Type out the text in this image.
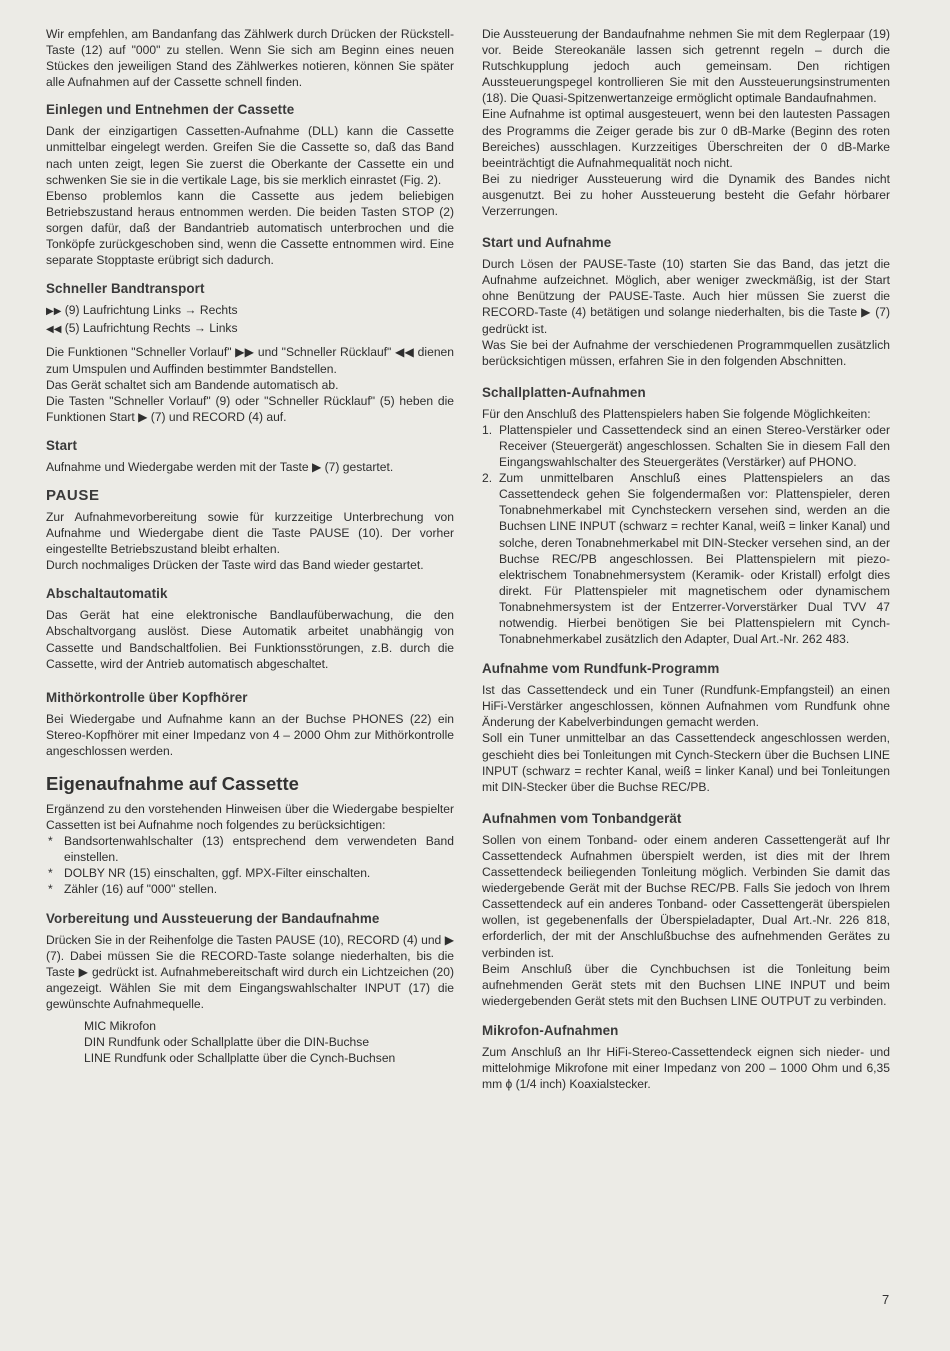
Wir empfehlen, am Bandanfang das Zählwerk durch Drücken der Rückstell-Taste (12) auf "000" zu stellen. Wenn Sie sich am Beginn eines neuen Stückes den jeweiligen Stand des Zählwerkes notieren, können Sie später alle Aufnahmen auf der Cassette schnell finden.

Einlegen und Entnehmen der Cassette

Dank der einzigartigen Cassetten-Aufnahme (DLL) kann die Cassette unmittelbar eingelegt werden. Greifen Sie die Cassette so, daß das Band nach unten zeigt, legen Sie zuerst die Oberkante der Cassette ein und schwenken Sie sie in die vertikale Lage, bis sie merklich einrastet (Fig. 2).

Ebenso problemlos kann die Cassette aus jedem beliebigen Betriebszustand heraus entnommen werden. Die beiden Tasten STOP (2) sorgen dafür, daß der Bandantrieb automatisch unterbrochen und die Tonköpfe zurückgeschoben sind, wenn die Cassette entnommen wird. Eine separate Stopptaste erübrigt sich dadurch.

Schneller Bandtransport
▶▶ (9) Laufrichtung Links → Rechts
◀◀ (5) Laufrichtung Rechts → Links

Die Funktionen "Schneller Vorlauf" ▶▶ und "Schneller Rücklauf" ◀◀ dienen zum Umspulen und Auffinden bestimmter Bandstellen.

Das Gerät schaltet sich am Bandende automatisch ab.

Die Tasten "Schneller Vorlauf" (9) oder "Schneller Rücklauf" (5) heben die Funktionen Start ▶ (7) und RECORD (4) auf.

Start

Aufnahme und Wiedergabe werden mit der Taste ▶ (7) gestartet.

PAUSE

Zur Aufnahmevorbereitung sowie für kurzzeitige Unterbrechung von Aufnahme und Wiedergabe dient die Taste PAUSE (10). Der vorher eingestellte Betriebszustand bleibt erhalten.

Durch nochmaliges Drücken der Taste wird das Band wieder gestartet.

Abschaltautomatik

Das Gerät hat eine elektronische Bandlaufüberwachung, die den Abschaltvorgang auslöst. Diese Automatik arbeitet unabhängig von Cassette und Bandschaltfolien. Bei Funktionsstörungen, z.B. durch die Cassette, wird der Antrieb automatisch abgeschaltet.

Mithörkontrolle über Kopfhörer

Bei Wiedergabe und Aufnahme kann an der Buchse PHONES (22) ein Stereo-Kopfhörer mit einer Impedanz von 4 – 2000 Ohm zur Mithörkontrolle angeschlossen werden.

Eigenaufnahme auf Cassette

Ergänzend zu den vorstehenden Hinweisen über die Wiedergabe bespielter Cassetten ist bei Aufnahme noch folgendes zu berücksichtigen:

* Bandsortenwahlschalter (13) entsprechend dem verwendeten Band einstellen.
* DOLBY NR (15) einschalten, ggf. MPX-Filter einschalten.
* Zähler (16) auf "000" stellen.
Vorbereitung und Aussteuerung der Bandaufnahme

Drücken Sie in der Reihenfolge die Tasten PAUSE (10), RECORD (4) und ▶ (7). Dabei müssen Sie die RECORD-Taste solange niederhalten, bis die Taste ▶ gedrückt ist. Aufnahmebereitschaft wird durch ein Lichtzeichen (20) angezeigt. Wählen Sie mit dem Eingangswahlschalter INPUT (17) die gewünschte Aufnahmequelle.

MIC Mikrofon
DIN Rundfunk oder Schallplatte über die DIN-Buchse
LINE Rundfunk oder Schallplatte über die Cynch-Buchsen

Die Aussteuerung der Bandaufnahme nehmen Sie mit dem Reglerpaar (19) vor. Beide Stereokanäle lassen sich getrennt regeln – durch die Rutschkupplung jedoch auch gemeinsam. Den richtigen Aussteuerungspegel kontrollieren Sie mit den Aussteuerungsinstrumenten (18). Die Quasi-Spitzenwertanzeige ermöglicht optimale Bandaufnahmen.

Eine Aufnahme ist optimal ausgesteuert, wenn bei den lautesten Passagen des Programms die Zeiger gerade bis zur 0 dB-Marke (Beginn des roten Bereiches) ausschlagen. Kurzzeitiges Überschreiten der 0 dB-Marke beeinträchtigt die Aufnahmequalität noch nicht.

Bei zu niedriger Aussteuerung wird die Dynamik des Bandes nicht ausgenutzt. Bei zu hoher Aussteuerung besteht die Gefahr hörbarer Verzerrungen.

Start und Aufnahme

Durch Lösen der PAUSE-Taste (10) starten Sie das Band, das jetzt die Aufnahme aufzeichnet. Möglich, aber weniger zweckmäßig, ist der Start ohne Benützung der PAUSE-Taste. Auch hier müssen Sie zuerst die RECORD-Taste (4) betätigen und solange niederhalten, bis die Taste ▶ (7) gedrückt ist.

Was Sie bei der Aufnahme der verschiedenen Programmquellen zusätzlich berücksichtigen müssen, erfahren Sie in den folgenden Abschnitten.

Schallplatten-Aufnahmen

Für den Anschluß des Plattenspielers haben Sie folgende Möglichkeiten:

1. Plattenspieler und Cassettendeck sind an einen Stereo-Verstärker oder Receiver (Steuergerät) angeschlossen. Schalten Sie in diesem Fall den Eingangswahlschalter des Steuergerätes (Verstärker) auf PHONO.
2. Zum unmittelbaren Anschluß eines Plattenspielers an das Cassettendeck gehen Sie folgendermaßen vor: Plattenspieler, deren Tonabnehmerkabel mit Cynchsteckern versehen sind, werden an die Buchsen LINE INPUT (schwarz = rechter Kanal, weiß = linker Kanal) und solche, deren Tonabnehmerkabel mit DIN-Stecker versehen sind, an der Buchse REC/PB angeschlossen. Bei Plattenspielern mit piezo-elektrischem Tonabnehmersystem (Keramik- oder Kristall) erfolgt dies direkt. Für Plattenspieler mit magnetischem oder dynamischem Tonabnehmersystem ist der Entzerrer-Vorverstärker Dual TVV 47 notwendig. Hierbei benötigen Sie bei Plattenspielern mit Cynch-Tonabnehmerkabel zusätzlich den Adapter, Dual Art.-Nr. 262 483.
Aufnahme vom Rundfunk-Programm

Ist das Cassettendeck und ein Tuner (Rundfunk-Empfangsteil) an einen HiFi-Verstärker angeschlossen, können Aufnahmen vom Rundfunk ohne Änderung der Kabelverbindungen gemacht werden.

Soll ein Tuner unmittelbar an das Cassettendeck angeschlossen werden, geschieht dies bei Tonleitungen mit Cynch-Steckern über die Buchsen LINE INPUT (schwarz = rechter Kanal, weiß = linker Kanal) und bei Tonleitungen mit DIN-Stecker über die Buchse REC/PB.

Aufnahmen vom Tonbandgerät

Sollen von einem Tonband- oder einem anderen Cassettengerät auf Ihr Cassettendeck Aufnahmen überspielt werden, ist dies mit der Ihrem Cassettendeck beiliegenden Tonleitung möglich. Verbinden Sie damit das wiedergebende Gerät mit der Buchse REC/PB. Falls Sie jedoch von Ihrem Cassettendeck auf ein anderes Tonband- oder Cassettengerät überspielen wollen, ist gegebenenfalls der Überspieladapter, Dual Art.-Nr. 226 818, erforderlich, der mit der Anschlußbuchse des aufnehmenden Gerätes zu verbinden ist.

Beim Anschluß über die Cynchbuchsen ist die Tonleitung beim aufnehmenden Gerät stets mit den Buchsen LINE INPUT und beim wiedergebenden Gerät stets mit den Buchsen LINE OUTPUT zu verbinden.

Mikrofon-Aufnahmen

Zum Anschluß an Ihr HiFi-Stereo-Cassettendeck eignen sich nieder- und mittelohmige Mikrofone mit einer Impedanz von 200 – 1000 Ohm und 6,35 mm ϕ (1/4 inch) Koaxialstecker.

7
